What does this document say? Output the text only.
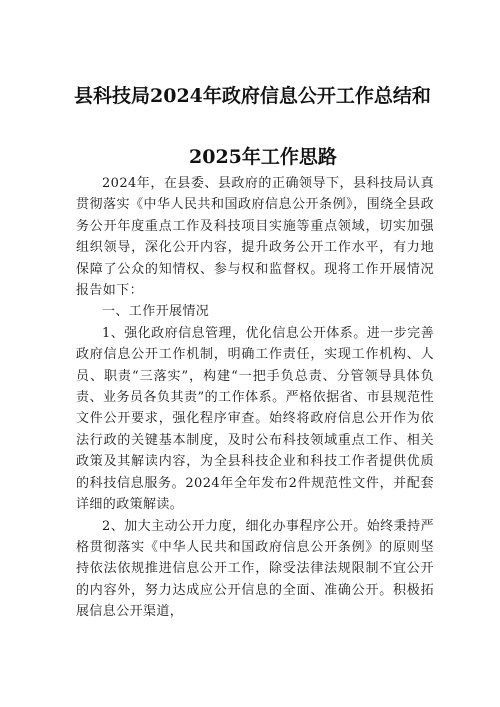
县科技局2024年政府信息公开工作总结和
2025年工作思路

2024年，在县委、县政府的正确领导下，县科技局认真贯彻落实《中华人民共和国政府信息公开条例》，围绕全县政务公开年度重点工作及科技项目实施等重点领域，切实加强组织领导，深化公开内容，提升政务公开工作水平，有力地保障了公众的知情权、参与权和监督权。现将工作开展情况报告如下：

一、工作开展情况

1、强化政府信息管理，优化信息公开体系。进一步完善政府信息公开工作机制，明确工作责任，实现工作机构、人员、职责“三落实”，构建“一把手负总责、分管领导具体负责、业务员各负其责”的工作体系。严格依据省、市县规范性文件公开要求，强化程序审查。始终将政府信息公开作为依法行政的关键基本制度，及时公布科技领域重点工作、相关政策及其解读内容，为全县科技企业和科技工作者提供优质的科技信息服务。2024年全年发布2件规范性文件，并配套详细的政策解读。

2、加大主动公开力度，细化办事程序公开。始终秉持严格贯彻落实《中华人民共和国政府信息公开条例》的原则坚持依法依规推进信息公开工作，除受法律法规限制不宜公开的内容外，努力达成应公开信息的全面、准确公开。积极拓展信息公开渠道，
